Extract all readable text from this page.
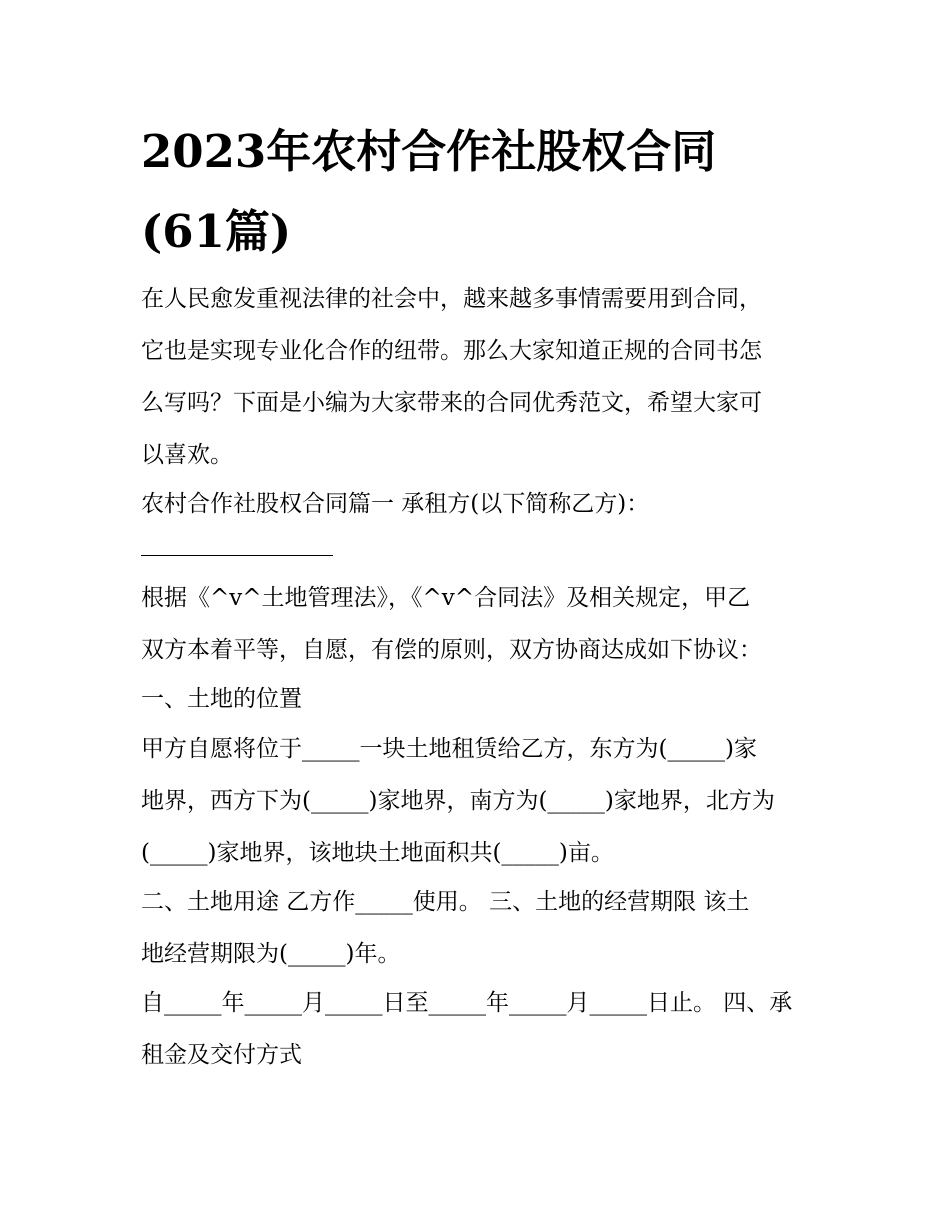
2023年农村合作社股权合同
(61篇)
在人民愈发重视法律的社会中，越来越多事情需要用到合同，
它也是实现专业化合作的纽带。那么大家知道正规的合同书怎
么写吗？下面是小编为大家带来的合同优秀范文，希望大家可
以喜欢。
农村合作社股权合同篇一 承租方(以下简称乙方)：
根据《^v^土地管理法》，《^v^合同法》及相关规定，甲乙
双方本着平等，自愿，有偿的原则，双方协商达成如下协议：
一、土地的位置
甲方自愿将位于_____一块土地租赁给乙方，东方为(_____)家
地界，西方下为(_____)家地界，南方为(_____)家地界，北方为
(_____)家地界，该地块土地面积共(_____)亩。
二、土地用途 乙方作_____使用。 三、土地的经营期限 该土
地经营期限为(_____)年。
自_____年_____月_____日至_____年_____月_____日止。 四、承
租金及交付方式
